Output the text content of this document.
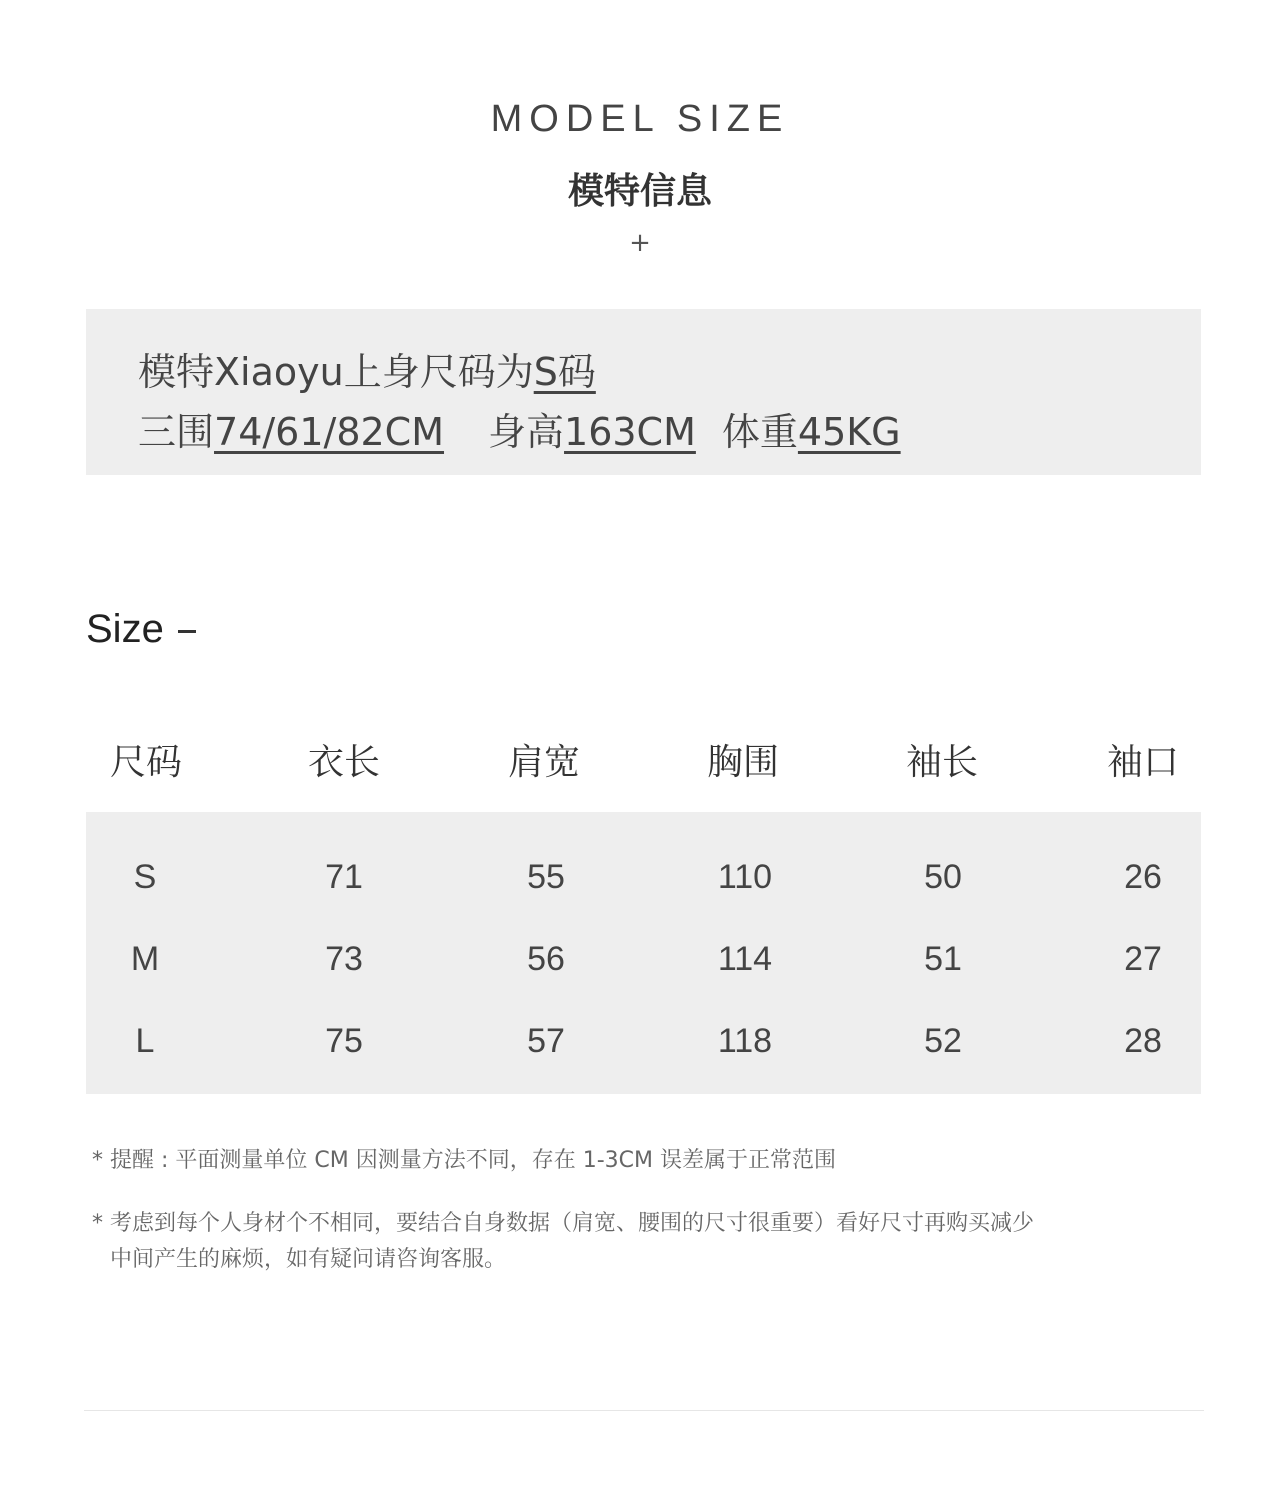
MODEL SIZE
模特信息
+
模特Xiaoyu上身尺码为S码
三围74/61/82CM 身高163CM 体重45KG
Size
尺码	衣长	肩宽	胸围	袖长	袖口
S	71	55	110	50	26
M	73	56	114	51	27
L	75	57	118	52	28
* 提醒 : 平面测量单位 CM 因测量方法不同，存在 1-3CM 误差属于正常范围
* 考虑到每个人身材个不相同，要结合自身数据（肩宽、腰围的尺寸很重要）看好尺寸再购买减少
中间产生的麻烦，如有疑问请咨询客服。
